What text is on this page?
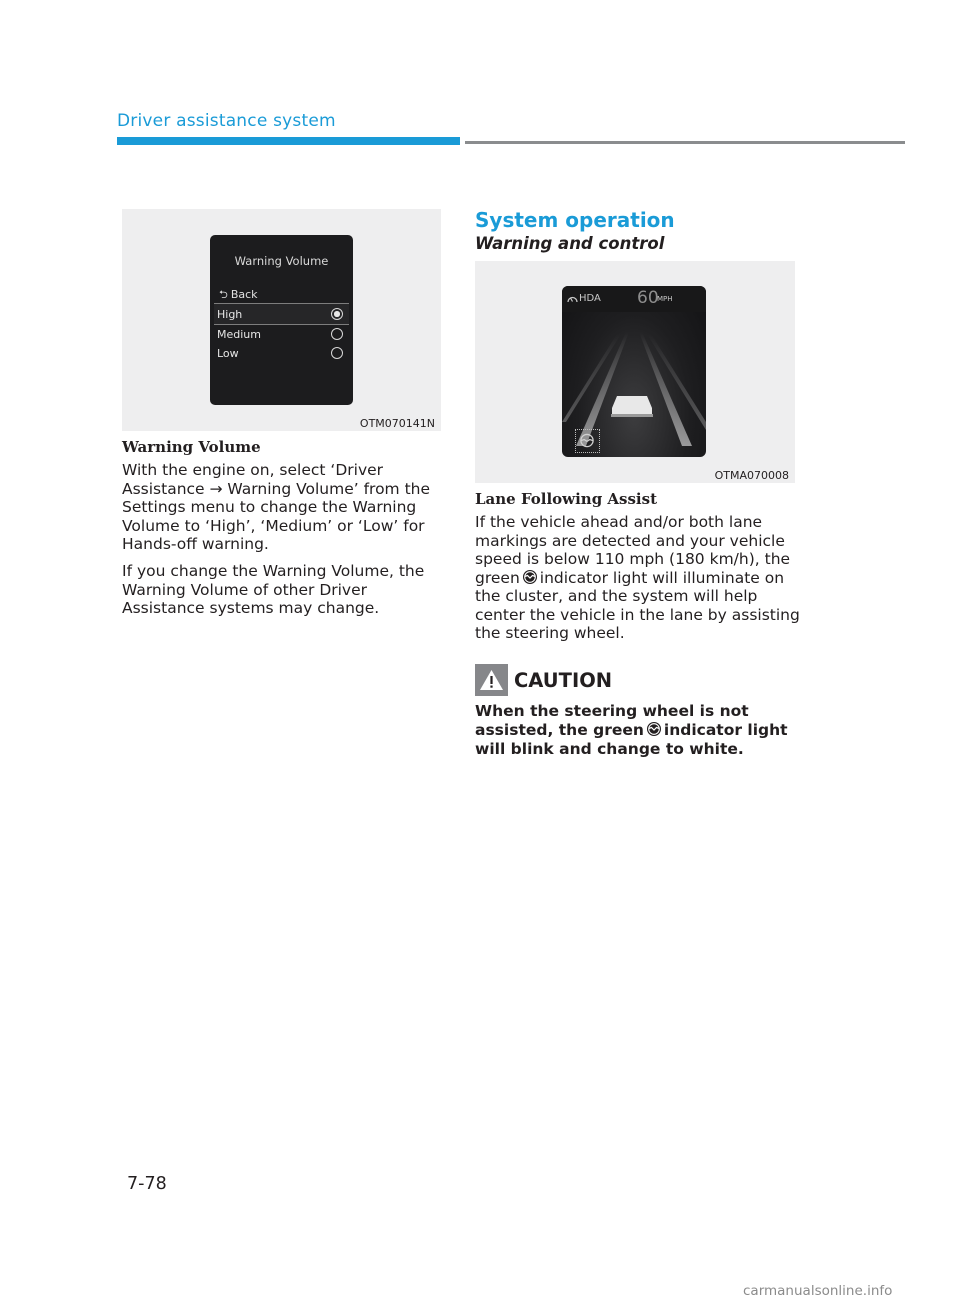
Driver assistance system
Warning Volume
⮌ Back
High
Medium
Low
OTM070141N
Warning Volume
With the engine on, select ‘Driver Assistance → Warning Volume’ from the Settings menu to change the Warning Volume to ‘High’, ‘Medium’ or ‘Low’ for Hands-off warning.
If you change the Warning Volume, the Warning Volume of other Driver Assistance systems may change.
System operation
Warning and control
HDA 60
MPH
OTMA070008
Lane Following Assist
If the vehicle ahead and/or both lane markings are detected and your vehicle speed is below 110 mph (180 km/h), the green indicator light will illuminate on the cluster, and the system will help center the vehicle in the lane by assisting the steering wheel.
CAUTION
When the steering wheel is not assisted, the green indicator light will blink and change to white.
7-78
carmanualsonline.info
